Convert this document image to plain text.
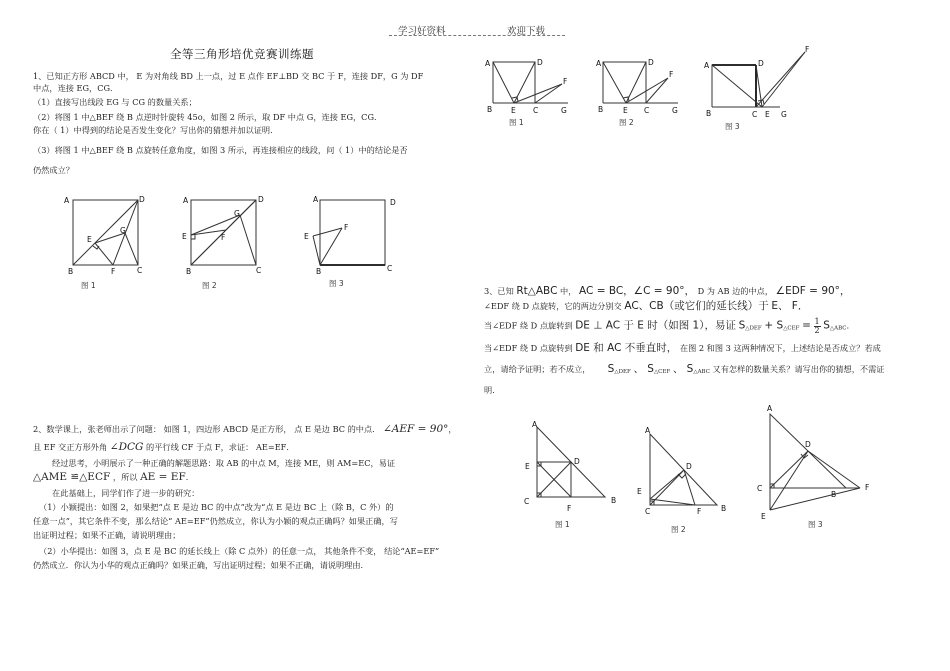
学习好资料	欢迎下载
全等三角形培优竞赛训练题
1、已知正方形 ABCD 中， E 为对角线 BD 上一点，过 E 点作 EF⊥BD 交 BC 于 F，连接 DF，G 为 DF
中点，连接 EG，CG．
（1）直接写出线段 EG 与 CG 的数量关系；
（2）将图 1 中△BEF 绕 B 点逆时针旋转 45o，如图 2 所示，取 DF 中点 G，连接 EG，CG．
你在（ 1）中得到的结论是否发生变化？写出你的猜想并加以证明．
（3）将图 1 中△BEF 绕 B 点旋转任意角度，如图 3 所示，再连接相应的线段，问（ 1）中的结论是否
仍然成立？
A	D
E
G
B	F	C
图 1
A	D
G
E	F
B	C
图 2
A	D
F
E
B	C
图 3
2、数学课上，张老师出示了问题： 如图 1，四边形 ABCD 是正方形， 点 E 是边 BC 的中点． ∠AEF = 90°，
且 EF 交正方形外角 ∠DCG 的平行线 CF 于点 F，求证： AE=EF．
经过思考，小明展示了一种正确的解题思路：取 AB 的中点 M，连接 ME，则 AM=EC，易证
△AME ≌△ECF ，所以 AE = EF．
在此基础上，同学们作了进一步的研究：
（1）小颖提出：如图 2，如果把“点 E 是边 BC 的中点”改为“点 E 是边 BC 上（除 B，C 外）的
任意一点”，其它条件不变，那么结论“ AE=EF”仍然成立，你认为小颖的观点正确吗？如果正确，写
出证明过程；如果不正确，请说明理由；
（2）小华提出：如图 3，点 E 是 BC 的延长线上（除 C 点外）的任意一点， 其他条件不变， 结论“AE=EF”
仍然成立．你认为小华的观点正确吗？如果正确，写出证明过程；如果不正确，请说明理由．
A	D
F
B	E C	G
图 1
A	D
F
B	E C	G
图 2
A	D
F
B	C E G
图 3
3、已知 Rt△ABC 中， AC = BC，∠C = 90°， D 为 AB 边的中点， ∠EDF = 90°，
∠EDF 绕 D 点旋转，它的两边分别交 AC、CB（或它们的延长线）于 E、 F．
当∠EDF 绕 D 点旋转到 DE ⊥ AC 于 E 时（如图 1），易证 S△DEF + S△CEF = $\frac{1}{2}$ S△ABC.
当∠EDF 绕 D 点旋转到 DE 和 AC 不垂直时， 在图 2 和图 3 这两种情况下，上述结论是否成立？若成
立，请给予证明；若不成立， S△DEF 、 S△CEF 、 S△ABC 又有怎样的数量关系？请写出你的猜想，不需证
明．
A
E
D
C
F
B
图 1
A
D
E
C	F	B
图 2
A
D
C
B
F
E
图 3
